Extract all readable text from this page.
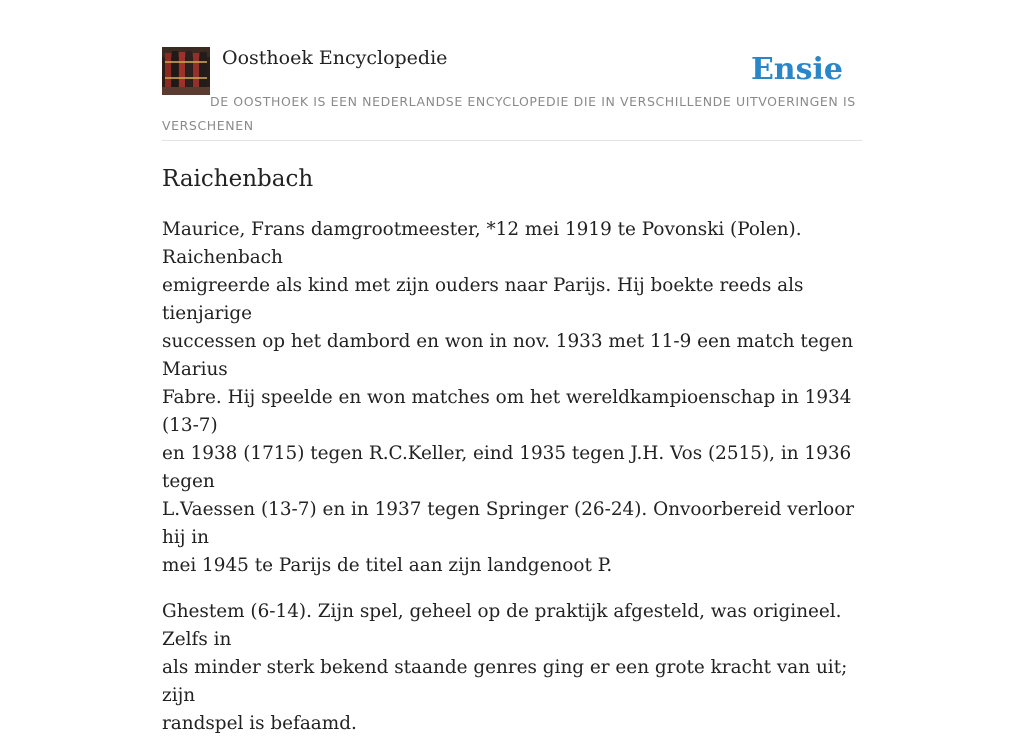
Oosthoek Encyclopedie	Ensie
DE OOSTHOEK IS EEN NEDERLANDSE ENCYCLOPEDIE DIE IN VERSCHILLENDE UITVOERINGEN IS VERSCHENEN
Raichenbach

Maurice, Frans damgrootmeester, *12 mei 1919 te Povonski (Polen). Raichenbach
emigreerde als kind met zijn ouders naar Parijs. Hij boekte reeds als tienjarige
successen op het dambord en won in nov. 1933 met 11-9 een match tegen Marius
Fabre. Hij speelde en won matches om het wereldkampioenschap in 1934 (13-7)
en 1938 (1715) tegen R.C.Keller, eind 1935 tegen J.H. Vos (2515), in 1936 tegen
L.Vaessen (13-7) en in 1937 tegen Springer (26-24). Onvoorbereid verloor hij in
mei 1945 te Parijs de titel aan zijn landgenoot P.

Ghestem (6-14). Zijn spel, geheel op de praktijk afgesteld, was origineel. Zelfs in
als minder sterk bekend staande genres ging er een grote kracht van uit; zijn
randspel is befaamd.
